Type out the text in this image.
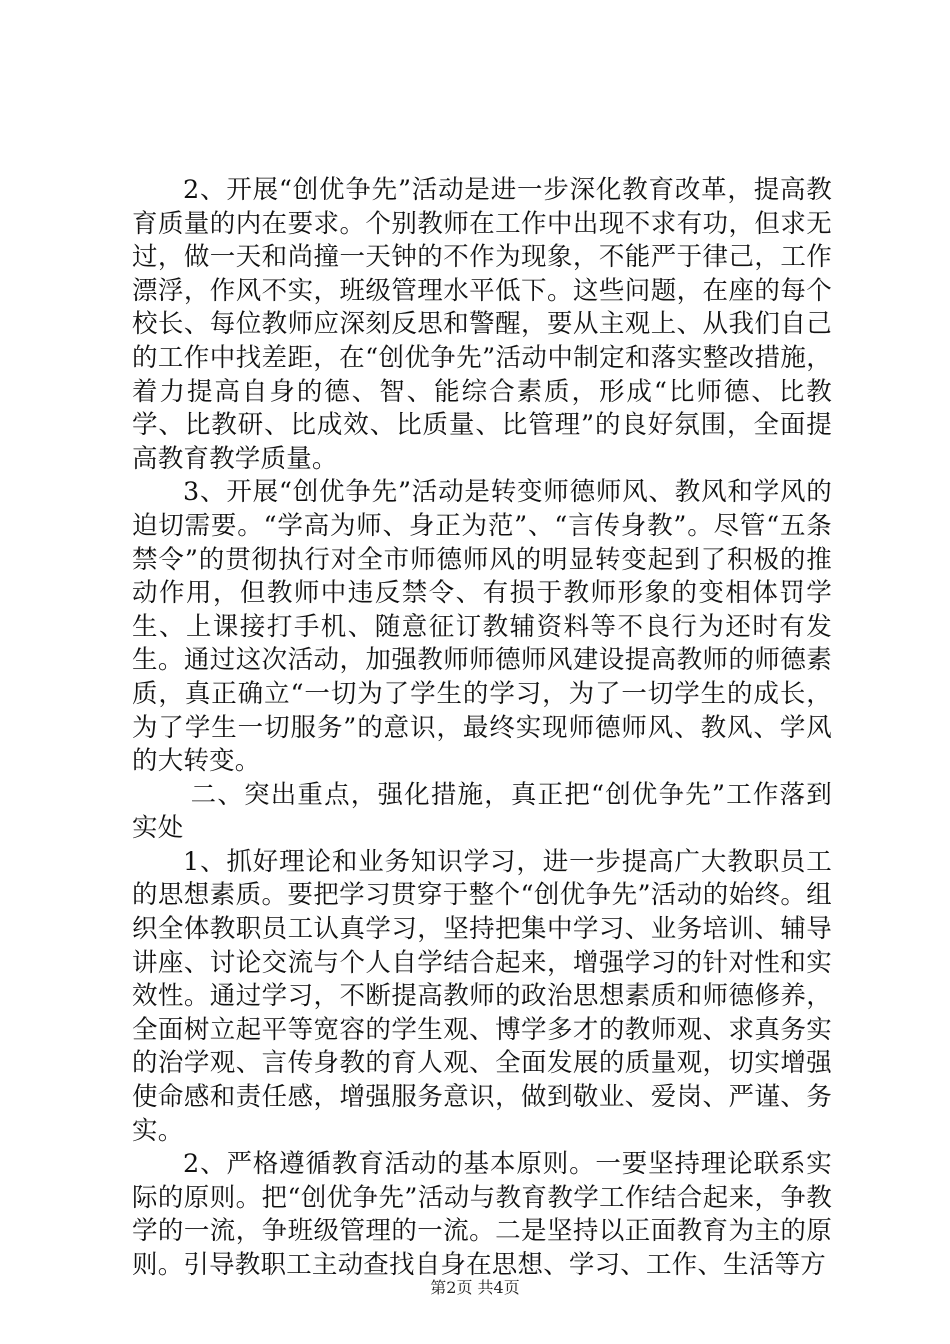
2、开展“创优争先”活动是进一步深化教育改革，提高教育质量的内在要求。个别教师在工作中出现不求有功，但求无过，做一天和尚撞一天钟的不作为现象，不能严于律己，工作漂浮，作风不实，班级管理水平低下。这些问题，在座的每个校长、每位教师应深刻反思和警醒，要从主观上、从我们自己的工作中找差距，在“创优争先”活动中制定和落实整改措施，着力提高自身的德、智、能综合素质，形成“比师德、比教学、比教研、比成效、比质量、比管理”的良好氛围，全面提高教育教学质量。

3、开展“创优争先”活动是转变师德师风、教风和学风的迫切需要。“学高为师、身正为范”、“言传身教”。尽管“五条禁令”的贯彻执行对全市师德师风的明显转变起到了积极的推动作用，但教师中违反禁令、有损于教师形象的变相体罚学生、上课接打手机、随意征订教辅资料等不良行为还时有发生。通过这次活动，加强教师师德师风建设提高教师的师德素质，真正确立“一切为了学生的学习，为了一切学生的成长，为了学生一切服务”的意识，最终实现师德师风、教风、学风的大转变。

二、突出重点，强化措施，真正把“创优争先”工作落到实处

1、抓好理论和业务知识学习，进一步提高广大教职员工的思想素质。要把学习贯穿于整个“创优争先”活动的始终。组织全体教职员工认真学习，坚持把集中学习、业务培训、辅导讲座、讨论交流与个人自学结合起来，增强学习的针对性和实效性。通过学习，不断提高教师的政治思想素质和师德修养，全面树立起平等宽容的学生观、博学多才的教师观、求真务实的治学观、言传身教的育人观、全面发展的质量观，切实增强使命感和责任感，增强服务意识，做到敬业、爱岗、严谨、务实。

2、严格遵循教育活动的基本原则。一要坚持理论联系实际的原则。把“创优争先”活动与教育教学工作结合起来，争教学的一流，争班级管理的一流。二是坚持以正面教育为主的原则。引导教职工主动查找自身在思想、学习、工作、生活等方

第2页 共4页
